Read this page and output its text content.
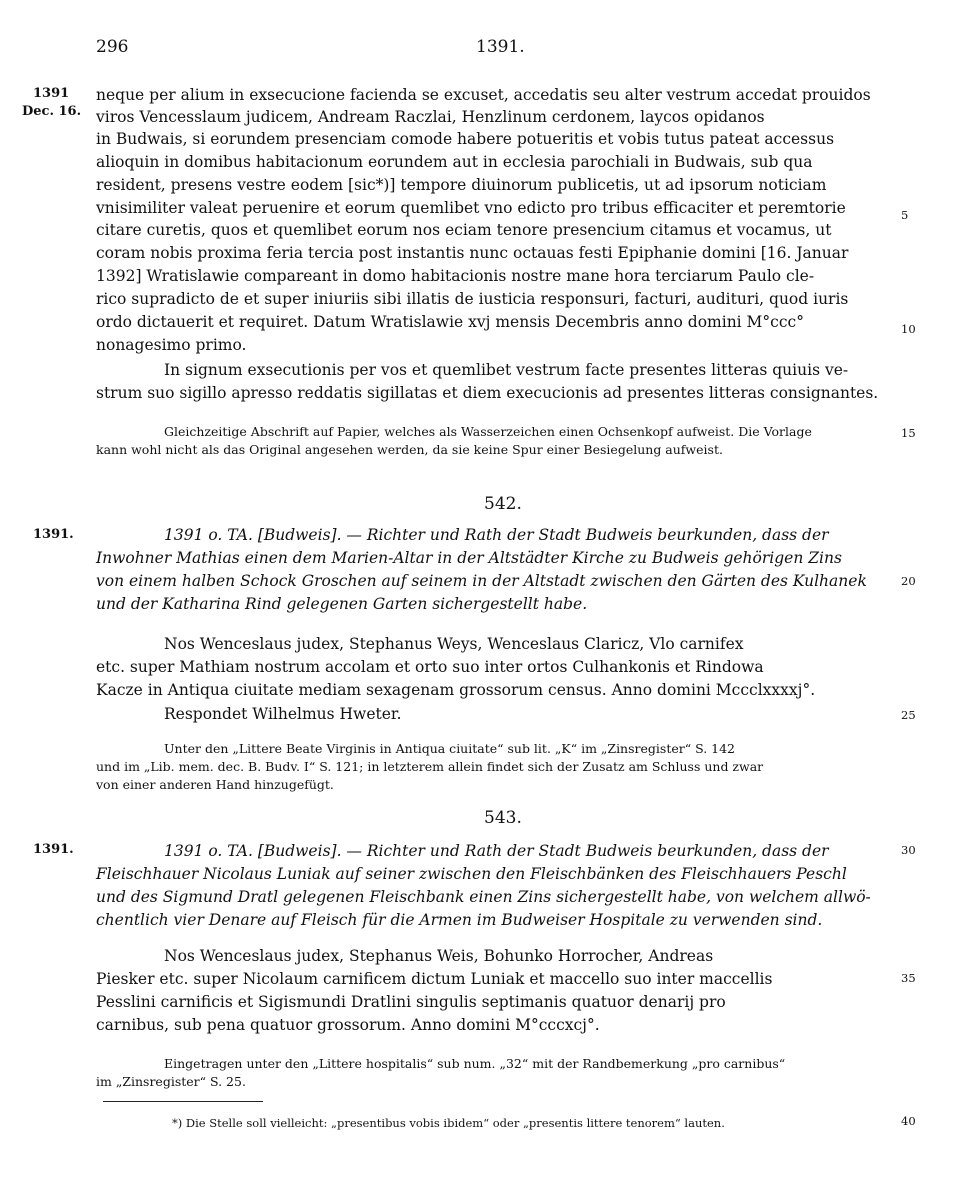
296	1391.
1391
Dec. 16.
1391.
1391.
5
10
15
20
25
30
35
40
neque per alium in exsecucione facienda se excuset, accedatis seu alter vestrum accedat prouidos
viros Vencesslaum judicem, Andream Raczlai, Henzlinum cerdonem, laycos opidanos
in Budwais, si eorundem presenciam comode habere potueritis et vobis tutus pateat accessus
alioquin in domibus habitacionum eorundem aut in ecclesia parochiali in Budwais, sub qua
resident, presens vestre eodem [sic*)] tempore diuinorum publicetis, ut ad ipsorum noticiam
vnisimiliter valeat peruenire et eorum quemlibet vno edicto pro tribus efficaciter et peremtorie
citare curetis, quos et quemlibet eorum nos eciam tenore presencium citamus et vocamus, ut
coram nobis proxima feria tercia post instantis nunc octauas festi Epiphanie domini [16. Januar
1392] Wratislawie compareant in domo habitacionis nostre mane hora terciarum Paulo cle-
rico supradicto de et super iniuriis sibi illatis de iusticia responsuri, facturi, audituri, quod iuris
ordo dictauerit et requiret. Datum Wratislawie xvj mensis Decembris anno domini M°ccc°
nonagesimo primo.
In signum exsecutionis per vos et quemlibet vestrum facte presentes litteras quiuis ve-
strum suo sigillo apresso reddatis sigillatas et diem execucionis ad presentes litteras consignantes.
Gleichzeitige Abschrift auf Papier, welches als Wasserzeichen einen Ochsenkopf aufweist. Die Vorlage
kann wohl nicht als das Original angesehen werden, da sie keine Spur einer Besiegelung aufweist.
542.
1391 o. TA. [Budweis]. — Richter und Rath der Stadt Budweis beurkunden, dass der
Inwohner Mathias einen dem Marien-Altar in der Altstädter Kirche zu Budweis gehörigen Zins
von einem halben Schock Groschen auf seinem in der Altstadt zwischen den Gärten des Kulhanek
und der Katharina Rind gelegenen Garten sichergestellt habe.
Nos Wenceslaus judex, Stephanus Weys, Wenceslaus Claricz, Vlo carnifex
etc. super Mathiam nostrum accolam et orto suo inter ortos Culhankonis et Rindowa
Kacze in Antiqua ciuitate mediam sexagenam grossorum census. Anno domini Mccclxxxxj°.
Respondet Wilhelmus Hweter.
Unter den „Littere Beate Virginis in Antiqua ciuitate“ sub lit. „K“ im „Zinsregister“ S. 142
und im „Lib. mem. dec. B. Budv. I“ S. 121; in letzterem allein findet sich der Zusatz am Schluss und zwar
von einer anderen Hand hinzugefügt.
543.
1391 o. TA. [Budweis]. — Richter und Rath der Stadt Budweis beurkunden, dass der
Fleischhauer Nicolaus Luniak auf seiner zwischen den Fleischbänken des Fleischhauers Peschl
und des Sigmund Dratl gelegenen Fleischbank einen Zins sichergestellt habe, von welchem allwö-
chentlich vier Denare auf Fleisch für die Armen im Budweiser Hospitale zu verwenden sind.
Nos Wenceslaus judex, Stephanus Weis, Bohunko Horrocher, Andreas
Piesker etc. super Nicolaum carnificem dictum Luniak et maccello suo inter maccellis
Pesslini carnificis et Sigismundi Dratlini singulis septimanis quatuor denarij pro
carnibus, sub pena quatuor grossorum. Anno domini M°cccxcj°.
Eingetragen unter den „Littere hospitalis“ sub num. „32“ mit der Randbemerkung „pro carnibus“
im „Zinsregister“ S. 25.
*) Die Stelle soll vielleicht: „presentibus vobis ibidem“ oder „presentis littere tenorem“ lauten.
